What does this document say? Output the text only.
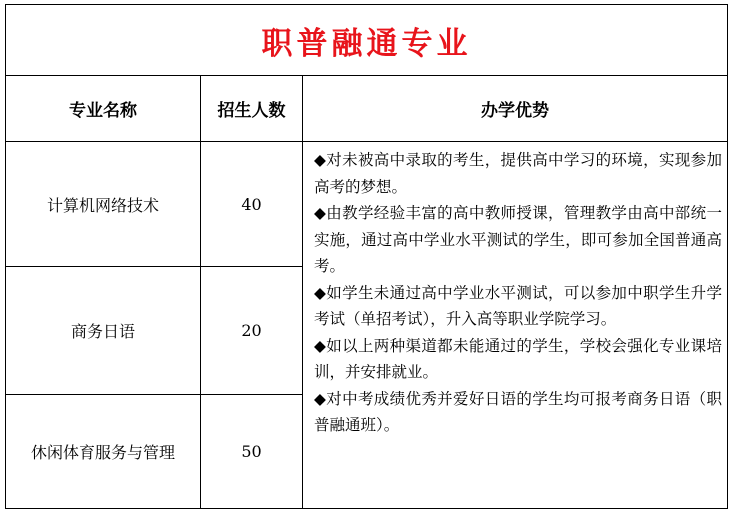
职普融通专业
专业名称	招生人数	办学优势
计算机网络技术	40
商务日语	20
休闲体育服务与管理	50

◆对未被高中录取的考生，提供高中学习的环境，实现参加高考的梦想。

◆由教学经验丰富的高中教师授课，管理教学由高中部统一实施，通过高中学业水平测试的学生，即可参加全国普通高考。

◆如学生未通过高中学业水平测试，可以参加中职学生升学考试（单招考试），升入高等职业学院学习。

◆如以上两种渠道都未能通过的学生，学校会强化专业课培训，并安排就业。

◆对中考成绩优秀并爱好日语的学生均可报考商务日语（职普融通班）。
